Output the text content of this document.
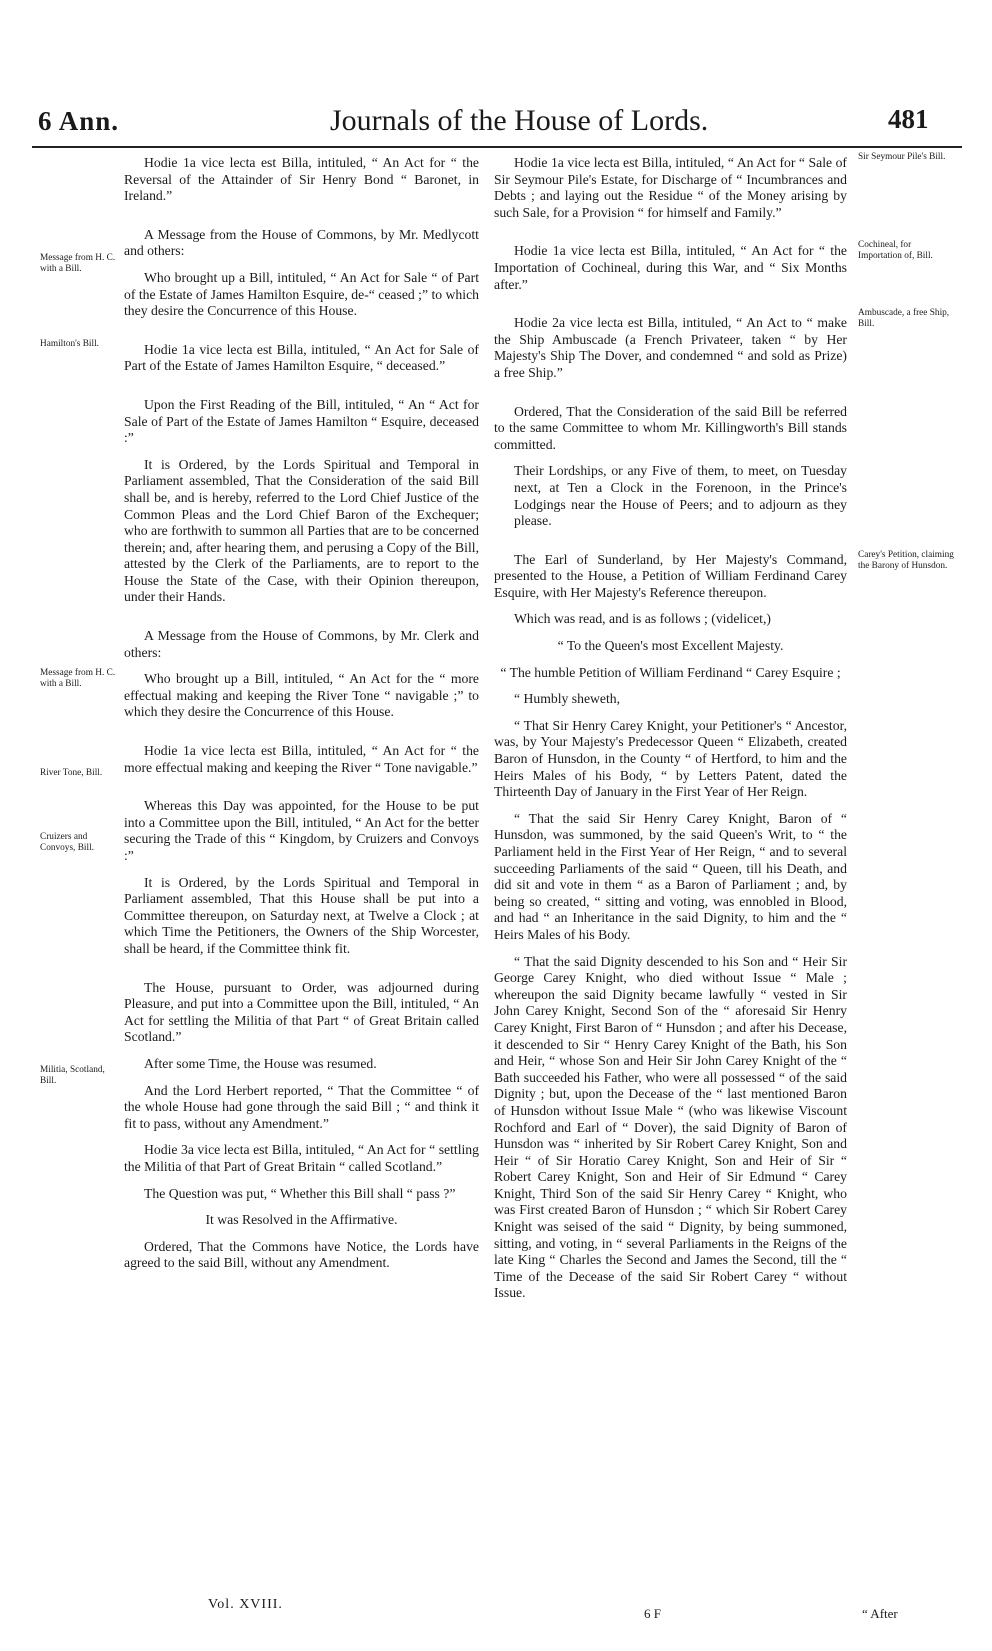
6 Ann.	Journals of the House of Lords.	481
Message from H. C. with a Bill.
Hamilton's Bill.
Message from H. C. with a Bill.
River Tone, Bill.
Cruizers and Convoys, Bill.
Militia, Scotland, Bill.
Sir Seymour Pile's Bill.
Cochineal, for Importation of, Bill.
Ambuscade, a free Ship, Bill.
Carey's Petition, claiming the Barony of Hunsdon.

Hodie 1a vice lecta est Billa, intituled, “ An Act for “ the Reversal of the Attainder of Sir Henry Bond “ Baronet, in Ireland.”

A Message from the House of Commons, by Mr. Medlycott and others:

Who brought up a Bill, intituled, “ An Act for Sale “ of Part of the Estate of James Hamilton Esquire, de-“ ceased ;” to which they desire the Concurrence of this House.

Hodie 1a vice lecta est Billa, intituled, “ An Act for Sale of Part of the Estate of James Hamilton Esquire, “ deceased.”

Upon the First Reading of the Bill, intituled, “ An “ Act for Sale of Part of the Estate of James Hamilton “ Esquire, deceased :”

It is Ordered, by the Lords Spiritual and Temporal in Parliament assembled, That the Consideration of the said Bill shall be, and is hereby, referred to the Lord Chief Justice of the Common Pleas and the Lord Chief Baron of the Exchequer; who are forthwith to summon all Parties that are to be concerned therein; and, after hearing them, and perusing a Copy of the Bill, attested by the Clerk of the Parliaments, are to report to the House the State of the Case, with their Opinion thereupon, under their Hands.

A Message from the House of Commons, by Mr. Clerk and others:

Who brought up a Bill, intituled, “ An Act for the “ more effectual making and keeping the River Tone “ navigable ;” to which they desire the Concurrence of this House.

Hodie 1a vice lecta est Billa, intituled, “ An Act for “ the more effectual making and keeping the River “ Tone navigable.”

Whereas this Day was appointed, for the House to be put into a Committee upon the Bill, intituled, “ An Act for the better securing the Trade of this “ Kingdom, by Cruizers and Convoys :”

It is Ordered, by the Lords Spiritual and Temporal in Parliament assembled, That this House shall be put into a Committee thereupon, on Saturday next, at Twelve a Clock ; at which Time the Petitioners, the Owners of the Ship Worcester, shall be heard, if the Committee think fit.

The House, pursuant to Order, was adjourned during Pleasure, and put into a Committee upon the Bill, intituled, “ An Act for settling the Militia of that Part “ of Great Britain called Scotland.”

After some Time, the House was resumed.

And the Lord Herbert reported, “ That the Committee “ of the whole House had gone through the said Bill ; “ and think it fit to pass, without any Amendment.”

Hodie 3a vice lecta est Billa, intituled, “ An Act for “ settling the Militia of that Part of Great Britain “ called Scotland.”

The Question was put, “ Whether this Bill shall “ pass ?”

It was Resolved in the Affirmative.

Ordered, That the Commons have Notice, the Lords have agreed to the said Bill, without any Amendment.

Hodie 1a vice lecta est Billa, intituled, “ An Act for “ Sale of Sir Seymour Pile's Estate, for Discharge of “ Incumbrances and Debts ; and laying out the Residue “ of the Money arising by such Sale, for a Provision “ for himself and Family.”

Hodie 1a vice lecta est Billa, intituled, “ An Act for “ the Importation of Cochineal, during this War, and “ Six Months after.”

Hodie 2a vice lecta est Billa, intituled, “ An Act to “ make the Ship Ambuscade (a French Privateer, taken “ by Her Majesty's Ship The Dover, and condemned “ and sold as Prize) a free Ship.”

Ordered, That the Consideration of the said Bill be referred to the same Committee to whom Mr. Killingworth's Bill stands committed.

Their Lordships, or any Five of them, to meet, on Tuesday next, at Ten a Clock in the Forenoon, in the Prince's Lodgings near the House of Peers; and to adjourn as they please.

The Earl of Sunderland, by Her Majesty's Command, presented to the House, a Petition of William Ferdinand Carey Esquire, with Her Majesty's Reference thereupon.

Which was read, and is as follows ; (videlicet,)

“ To the Queen's most Excellent Majesty.

“ The humble Petition of William Ferdinand “ Carey Esquire ;

“ Humbly sheweth,

“ That Sir Henry Carey Knight, your Petitioner's “ Ancestor, was, by Your Majesty's Predecessor Queen “ Elizabeth, created Baron of Hunsdon, in the County “ of Hertford, to him and the Heirs Males of his Body, “ by Letters Patent, dated the Thirteenth Day of January in the First Year of Her Reign.

“ That the said Sir Henry Carey Knight, Baron of “ Hunsdon, was summoned, by the said Queen's Writ, to “ the Parliament held in the First Year of Her Reign, “ and to several succeeding Parliaments of the said “ Queen, till his Death, and did sit and vote in them “ as a Baron of Parliament ; and, by being so created, “ sitting and voting, was ennobled in Blood, and had “ an Inheritance in the said Dignity, to him and the “ Heirs Males of his Body.

“ That the said Dignity descended to his Son and “ Heir Sir George Carey Knight, who died without Issue “ Male ; whereupon the said Dignity became lawfully “ vested in Sir John Carey Knight, Second Son of the “ aforesaid Sir Henry Carey Knight, First Baron of “ Hunsdon ; and after his Decease, it descended to Sir “ Henry Carey Knight of the Bath, his Son and Heir, “ whose Son and Heir Sir John Carey Knight of the “ Bath succeeded his Father, who were all possessed “ of the said Dignity ; but, upon the Decease of the “ last mentioned Baron of Hunsdon without Issue Male “ (who was likewise Viscount Rochford and Earl of “ Dover), the said Dignity of Baron of Hunsdon was “ inherited by Sir Robert Carey Knight, Son and Heir “ of Sir Horatio Carey Knight, Son and Heir of Sir “ Robert Carey Knight, Son and Heir of Sir Edmund “ Carey Knight, Third Son of the said Sir Henry Carey “ Knight, who was First created Baron of Hunsdon ; “ which Sir Robert Carey Knight was seised of the said “ Dignity, by being summoned, sitting, and voting, in “ several Parliaments in the Reigns of the late King “ Charles the Second and James the Second, till the “ Time of the Decease of the said Sir Robert Carey “ without Issue.

Vol. XVIII.
6 F	“ After
